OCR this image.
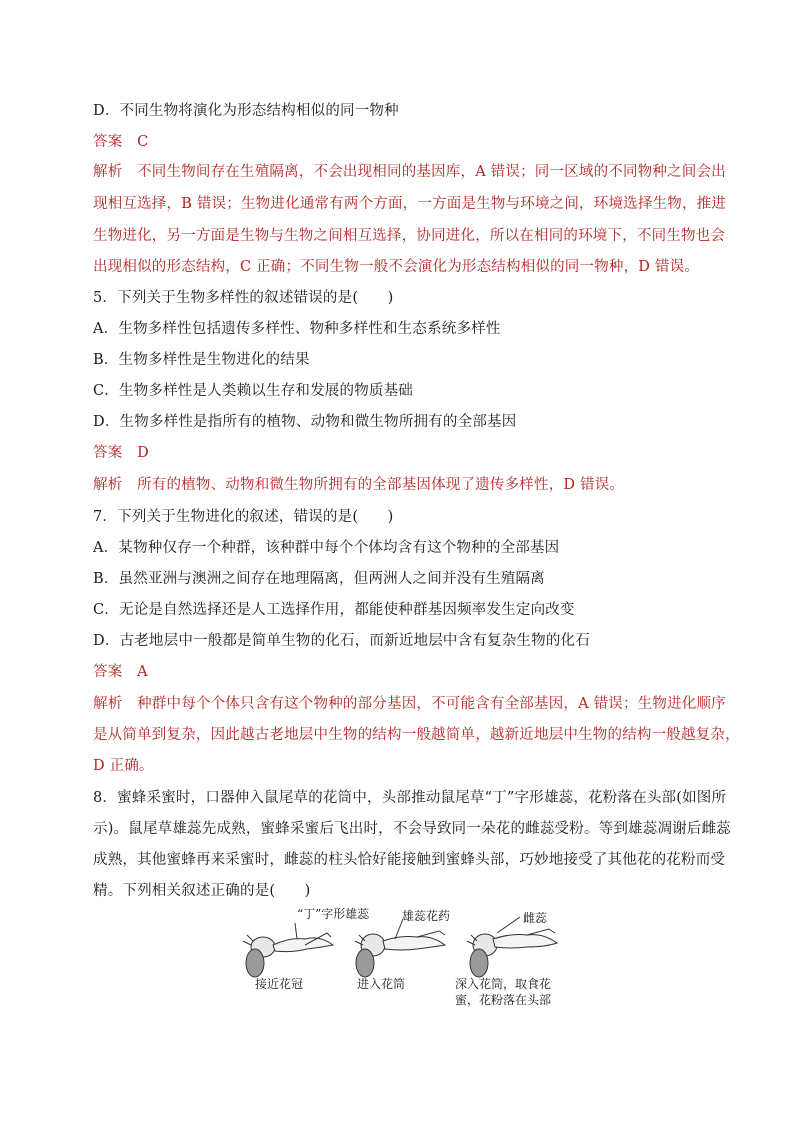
D．不同生物将演化为形态结构相似的同一物种
答案　C
解析　不同生物间存在生殖隔离，不会出现相同的基因库，A 错误；同一区域的不同物种之间会出
现相互选择，B 错误；生物进化通常有两个方面，一方面是生物与环境之间，环境选择生物，推进
生物进化，另一方面是生物与生物之间相互选择，协同进化，所以在相同的环境下，不同生物也会
出现相似的形态结构，C 正确；不同生物一般不会演化为形态结构相似的同一物种，D 错误。
5．下列关于生物多样性的叙述错误的是(　　)
A．生物多样性包括遗传多样性、物种多样性和生态系统多样性
B．生物多样性是生物进化的结果
C．生物多样性是人类赖以生存和发展的物质基础
D．生物多样性是指所有的植物、动物和微生物所拥有的全部基因
答案　D
解析　所有的植物、动物和微生物所拥有的全部基因体现了遗传多样性，D 错误。
7．下列关于生物进化的叙述，错误的是(　　)
A．某物种仅存一个种群，该种群中每个个体均含有这个物种的全部基因
B．虽然亚洲与澳洲之间存在地理隔离，但两洲人之间并没有生殖隔离
C．无论是自然选择还是人工选择作用，都能使种群基因频率发生定向改变
D．古老地层中一般都是简单生物的化石，而新近地层中含有复杂生物的化石
答案　A
解析　种群中每个个体只含有这个物种的部分基因，不可能含有全部基因，A 错误；生物进化顺序
是从简单到复杂，因此越古老地层中生物的结构一般越简单，越新近地层中生物的结构一般越复杂，
D 正确。
8．蜜蜂采蜜时，口器伸入鼠尾草的花筒中，头部推动鼠尾草“丁”字形雄蕊，花粉落在头部(如图所
示)。鼠尾草雄蕊先成熟，蜜蜂采蜜后飞出时，不会导致同一朵花的雌蕊受粉。等到雄蕊凋谢后雌蕊
成熟，其他蜜蜂再来采蜜时，雌蕊的柱头恰好能接触到蜜蜂头部，巧妙地接受了其他花的花粉而受
精。下列相关叙述正确的是(　　)
“丁”字形雄蕊	雄蕊花药	雌蕊
接近花冠	进入花筒	深入花筒，取食花
蜜，花粉落在头部
